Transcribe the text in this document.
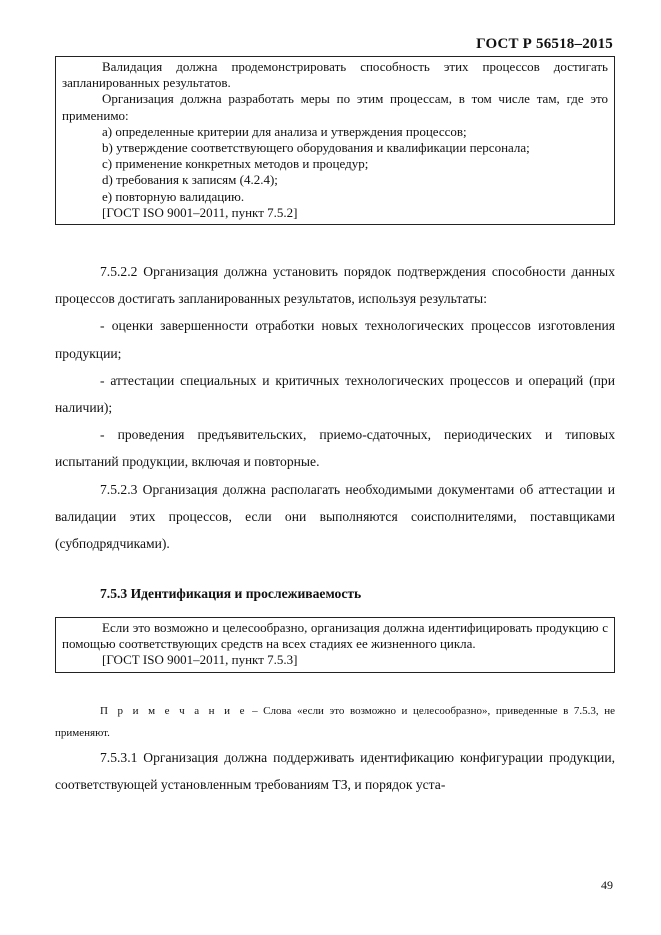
ГОСТ Р 56518–2015

Валидация должна продемонстрировать способность этих процессов достигать запланированных результатов.

Организация должна разработать меры по этим процессам, в том числе там, где это применимо:

а) определенные критерии для анализа и утверждения процессов;

b) утверждение соответствующего оборудования и квалификации персонала;

c) применение конкретных методов и процедур;

d) требования к записям (4.2.4);

e) повторную валидацию.

[ГОСТ ISO 9001–2011, пункт 7.5.2]

7.5.2.2 Организация должна установить порядок подтверждения способности данных процессов достигать запланированных результатов, используя результаты:

- оценки завершенности отработки новых технологических процессов изготовления продукции;

- аттестации специальных и критичных технологических процессов и операций (при наличии);

- проведения предъявительских, приемо-сдаточных, периодических и типовых испытаний продукции, включая и повторные.

7.5.2.3 Организация должна располагать необходимыми документами об аттестации и валидации этих процессов, если они выполняются соисполнителями, поставщиками (субподрядчиками).

7.5.3 Идентификация и прослеживаемость

Если это возможно и целесообразно, организация должна идентифицировать продукцию с помощью соответствующих средств на всех стадиях ее жизненного цикла.

[ГОСТ ISO 9001–2011, пункт 7.5.3]

П р и м е ч а н и е – Слова «если это возможно и целесообразно», приведенные в 7.5.3, не применяют.

7.5.3.1 Организация должна поддерживать идентификацию конфигурации продукции, соответствующей установленным требованиям ТЗ, и порядок уста-

49
